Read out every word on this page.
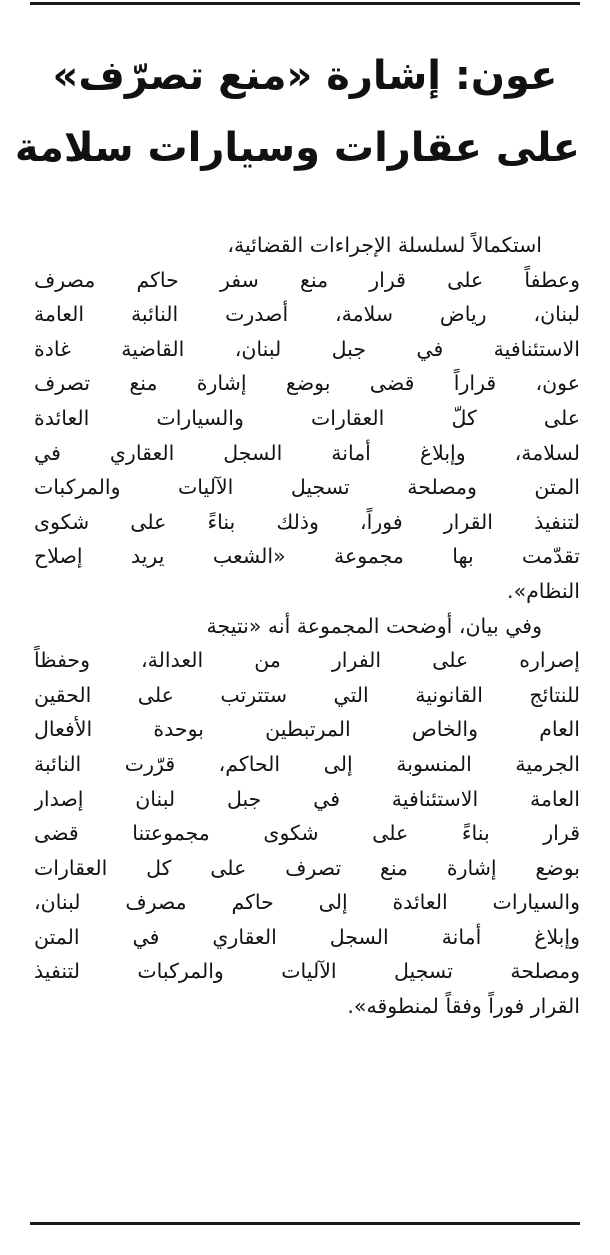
عون: إشارة «منع تصرّف»
على عقارات وسيارات سلامة
استكمالاً لسلسلة الإجراءات القضائية،
وعطفاً على قرار منع سفر حاكم مصرف
لبنان، رياض سلامة، أصدرت النائبة العامة
الاستئنافية في جبل لبنان، القاضية غادة
عون، قراراً قضى بوضع إشارة منع تصرف
على كلّ العقارات والسيارات العائدة
لسلامة، وإبلاغ أمانة السجل العقاري في
المتن ومصلحة تسجيل الآليات والمركبات
لتنفيذ القرار فوراً، وذلك بناءً على شكوى
تقدّمت بها مجموعة «الشعب يريد إصلاح
النظام».
وفي بيان، أوضحت المجموعة أنه «نتيجة
إصراره على الفرار من العدالة، وحفظاً
للنتائج القانونية التي ستترتب على الحقين
العام والخاص المرتبطين بوحدة الأفعال
الجرمية المنسوبة إلى الحاكم، قرّرت النائبة
العامة الاستئنافية في جبل لبنان إصدار
قرار بناءً على شكوى مجموعتنا قضى
بوضع إشارة منع تصرف على كل العقارات
والسيارات العائدة إلى حاكم مصرف لبنان،
وإبلاغ أمانة السجل العقاري في المتن
ومصلحة تسجيل الآليات والمركبات لتنفيذ
القرار فوراً وفقاً لمنطوقه».
